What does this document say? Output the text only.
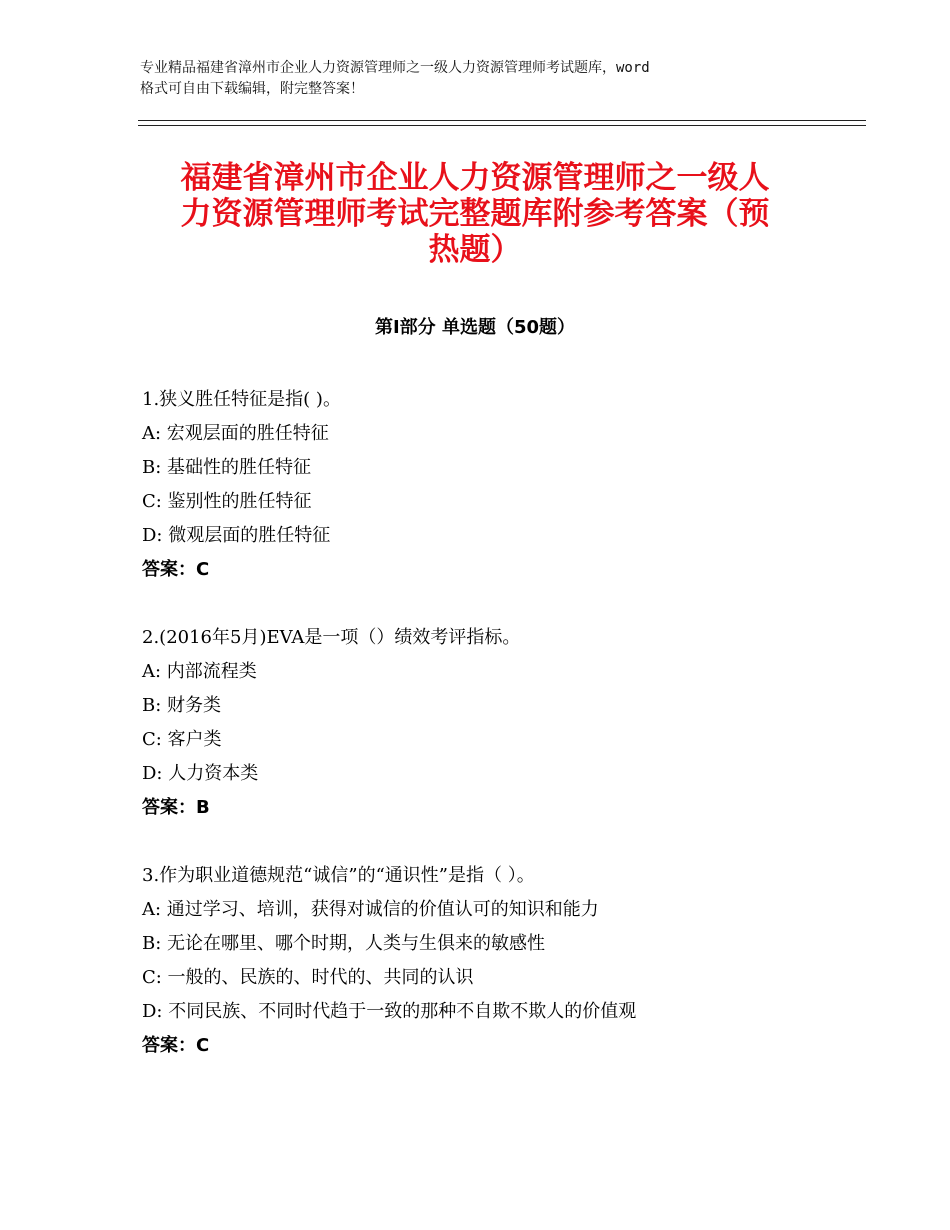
专业精品福建省漳州市企业人力资源管理师之一级人力资源管理师考试题库，word
格式可自由下载编辑，附完整答案！
福建省漳州市企业人力资源管理师之一级人
力资源管理师考试完整题库附参考答案（预
热题）
第Ⅰ部分 单选题（50题）
1.狭义胜任特征是指( )。
A: 宏观层面的胜任特征
B: 基础性的胜任特征
C: 鉴别性的胜任特征
D: 微观层面的胜任特征
答案：C
2.(2016年5月)EVA是一项（）绩效考评指标。
A: 内部流程类
B: 财务类
C: 客户类
D: 人力资本类
答案：B
3.作为职业道德规范“诚信”的“通识性”是指（ ）。
A: 通过学习、培训，获得对诚信的价值认可的知识和能力
B: 无论在哪里、哪个时期，人类与生俱来的敏感性
C: 一般的、民族的、时代的、共同的认识
D: 不同民族、不同时代趋于一致的那种不自欺不欺人的价值观
答案：C
